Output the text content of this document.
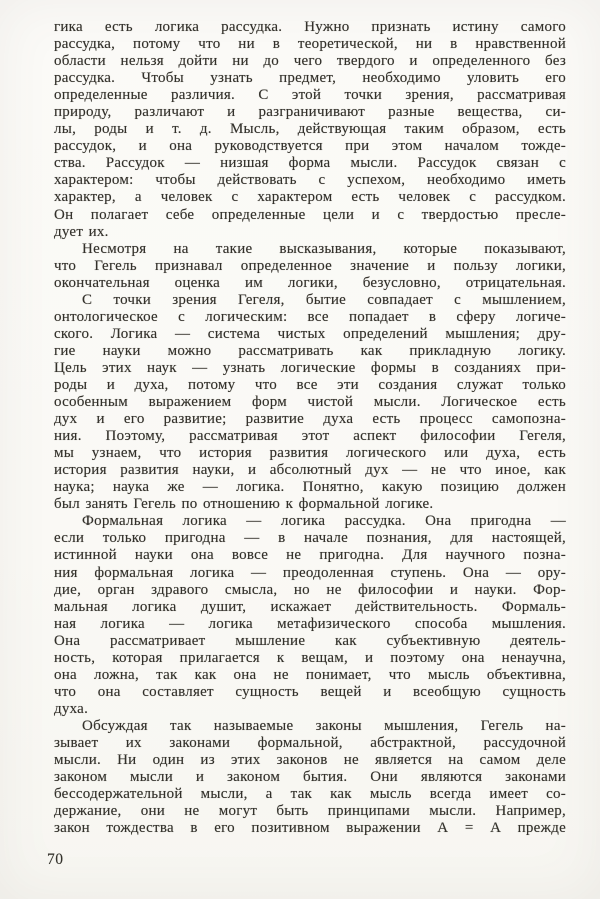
гика есть логика рассудка. Нужно признать истину самого
рассудка, потому что ни в теоретической, ни в нравственной
области нельзя дойти ни до чего твердого и определенного без
рассудка. Чтобы узнать предмет, необходимо уловить его
определенные различия. С этой точки зрения, рассматривая
природу, различают и разграничивают разные вещества, си-
лы, роды и т. д. Мысль, действующая таким образом, есть
рассудок, и она руководствуется при этом началом тожде-
ства. Рассудок — низшая форма мысли. Рассудок связан с
характером: чтобы действовать с успехом, необходимо иметь
характер, а человек с характером есть человек с рассудком.
Он полагает себе определенные цели и с твердостью пресле-
дует их.
Несмотря на такие высказывания, которые показывают,
что Гегель признавал определенное значение и пользу логики,
окончательная оценка им логики, безусловно, отрицательная.
С точки зрения Гегеля, бытие совпадает с мышлением,
онтологическое с логическим: все попадает в сферу логиче-
ского. Логика — система чистых определений мышления; дру-
гие науки можно рассматривать как прикладную логику.
Цель этих наук — узнать логические формы в созданиях при-
роды и духа, потому что все эти создания служат только
особенным выражением форм чистой мысли. Логическое есть
дух и его развитие; развитие духа есть процесс самопозна-
ния. Поэтому, рассматривая этот аспект философии Гегеля,
мы узнаем, что история развития логического или духа, есть
история развития науки, и абсолютный дух — не что иное, как
наука; наука же — логика. Понятно, какую позицию должен
был занять Гегель по отношению к формальной логике.
Формальная логика — логика рассудка. Она пригодна —
если только пригодна — в начале познания, для настоящей,
истинной науки она вовсе не пригодна. Для научного позна-
ния формальная логика — преодоленная ступень. Она — ору-
дие, орган здравого смысла, но не философии и науки. Фор-
мальная логика душит, искажает действительность. Формаль-
ная логика — логика метафизического способа мышления.
Она рассматривает мышление как субъективную деятель-
ность, которая прилагается к вещам, и поэтому она ненаучна,
она ложна, так как она не понимает, что мысль объективна,
что она составляет сущность вещей и всеобщую сущность
духа.
Обсуждая так называемые законы мышления, Гегель на-
зывает их законами формальной, абстрактной, рассудочной
мысли. Ни один из этих законов не является на самом деле
законом мысли и законом бытия. Они являются законами
бессодержательной мысли, а так как мысль всегда имеет со-
держание, они не могут быть принципами мысли. Например,
закон тождества в его позитивном выражении А = А прежде
70
